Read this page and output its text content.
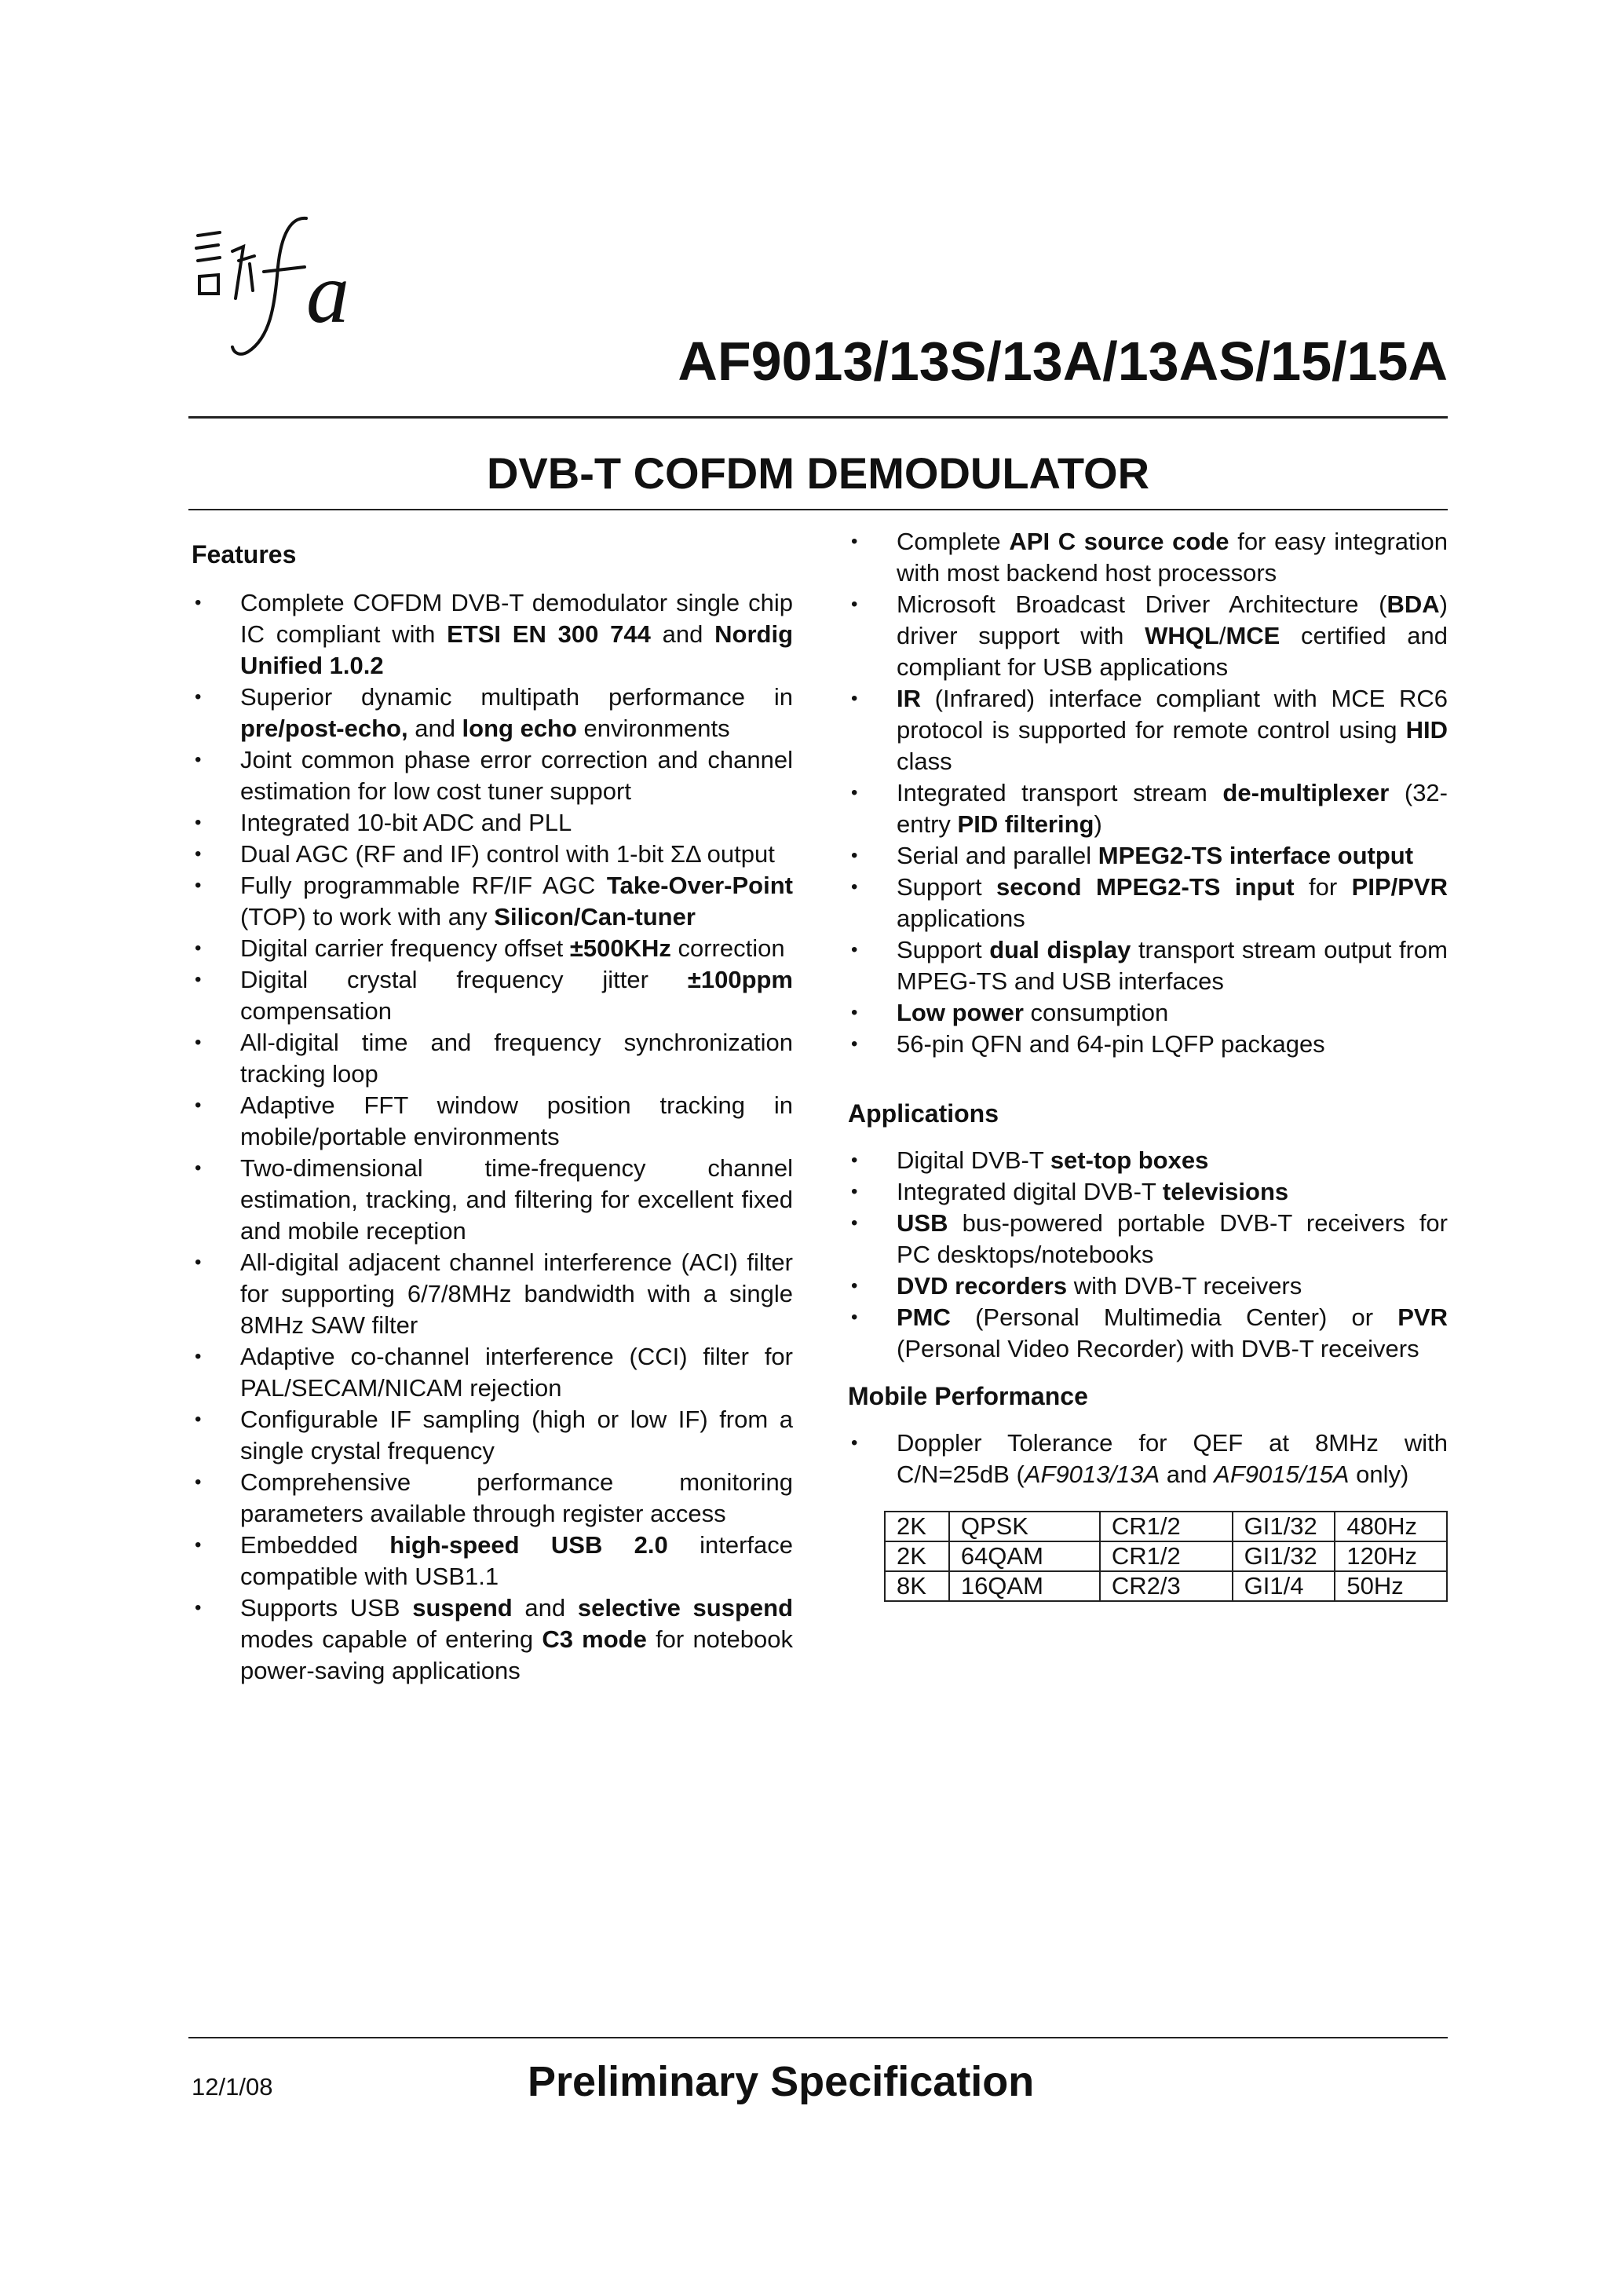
a
AF9013/13S/13A/13AS/15/15A
DVB-T COFDM DEMODULATOR
Features
• Complete COFDM DVB-T demodulator single chip IC compliant with ETSI EN 300 744 and Nordig Unified 1.0.2
• Superior dynamic multipath performance in pre/post-echo, and long echo environments
• Joint common phase error correction and channel estimation for low cost tuner support
• Integrated 10-bit ADC and PLL
• Dual AGC (RF and IF) control with 1-bit ΣΔ output
• Fully programmable RF/IF AGC Take-Over-Point (TOP) to work with any Silicon/Can-tuner
• Digital carrier frequency offset ±500KHz correction
• Digital crystal frequency jitter ±100ppm compensation
• All-digital time and frequency synchronization tracking loop
• Adaptive FFT window position tracking in mobile/portable environments
• Two-dimensional time-frequency channel estimation, tracking, and filtering for excellent fixed and mobile reception
• All-digital adjacent channel interference (ACI) filter for supporting 6/7/8MHz bandwidth with a single 8MHz SAW filter
• Adaptive co-channel interference (CCI) filter for PAL/SECAM/NICAM rejection
• Configurable IF sampling (high or low IF) from a single crystal frequency
• Comprehensive performance monitoring parameters available through register access
• Embedded high-speed USB 2.0 interface compatible with USB1.1
• Supports USB suspend and selective suspend modes capable of entering C3 mode for notebook power-saving applications
• Complete API C source code for easy integration with most backend host processors
• Microsoft Broadcast Driver Architecture (BDA) driver support with WHQL/MCE certified and compliant for USB applications
• IR (Infrared) interface compliant with MCE RC6 protocol is supported for remote control using HID class
• Integrated transport stream de-multiplexer (32-entry PID filtering)
• Serial and parallel MPEG2-TS interface output
• Support second MPEG2-TS input for PIP/PVR applications
• Support dual display transport stream output from MPEG-TS and USB interfaces
• Low power consumption
• 56-pin QFN and 64-pin LQFP packages
Applications
• Digital DVB-T set-top boxes
• Integrated digital DVB-T televisions
• USB bus-powered portable DVB-T receivers for PC desktops/notebooks
• DVD recorders with DVB-T receivers
• PMC (Personal Multimedia Center) or PVR (Personal Video Recorder) with DVB-T receivers
Mobile Performance
• Doppler Tolerance for QEF at 8MHz with C/N=25dB (AF9013/13A and AF9015/15A only)
2K	QPSK	CR1/2	GI1/32	480Hz
2K	64QAM	CR1/2	GI1/32	120Hz
8K	16QAM	CR2/3	GI1/4	50Hz
12/1/08	Preliminary Specification
